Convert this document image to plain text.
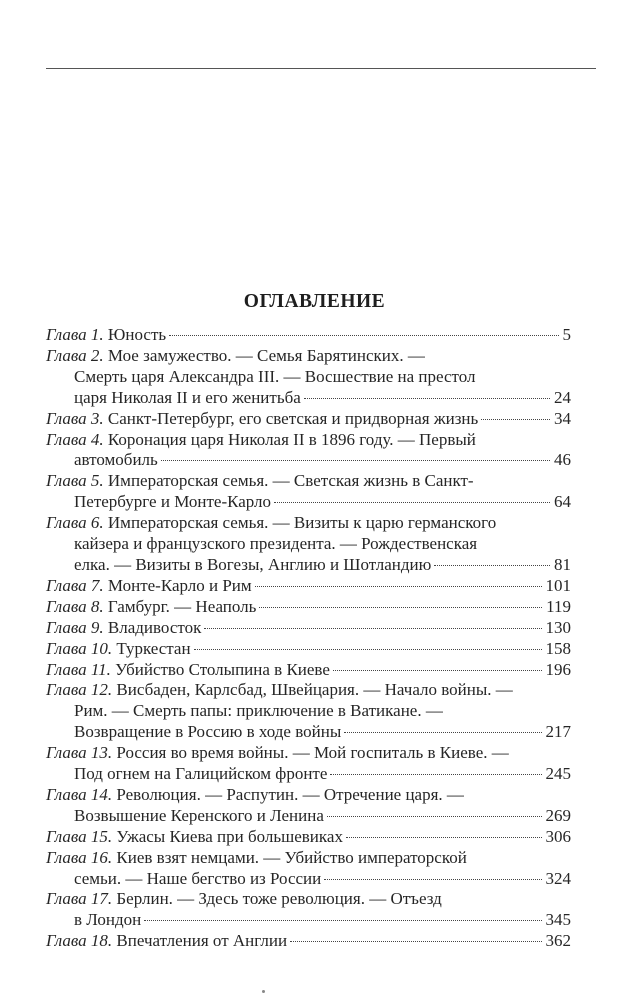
ОГЛАВЛЕНИЕ
Глава 1. Юность	5
Глава 2. Мое замужество. — Семья Барятинских. —
Смерть царя Александра III. — Восшествие на престол
царя Николая II и его женитьба	24
Глава 3. Санкт-Петербург, его светская и придворная жизнь	34
Глава 4. Коронация царя Николая II в 1896 году. — Первый
автомобиль	46
Глава 5. Императорская семья. — Светская жизнь в Санкт-
Петербурге и Монте-Карло	64
Глава 6. Императорская семья. — Визиты к царю германского
кайзера и французского президента. — Рождественская
елка. — Визиты в Вогезы, Англию и Шотландию	81
Глава 7. Монте-Карло и Рим	101
Глава 8. Гамбург. — Неаполь	119
Глава 9. Владивосток	130
Глава 10. Туркестан	158
Глава 11. Убийство Столыпина в Киеве	196
Глава 12. Висбаден, Карлсбад, Швейцария. — Начало войны. —
Рим. — Смерть папы: приключение в Ватикане. —
Возвращение в Россию в ходе войны	217
Глава 13. Россия во время войны. — Мой госпиталь в Киеве. —
Под огнем на Галицийском фронте	245
Глава 14. Революция. — Распутин. — Отречение царя. —
Возвышение Керенского и Ленина	269
Глава 15. Ужасы Киева при большевиках	306
Глава 16. Киев взят немцами. — Убийство императорской
семьи. — Наше бегство из России	324
Глава 17. Берлин. — Здесь тоже революция. — Отъезд
в Лондон	345
Глава 18. Впечатления от Англии	362
